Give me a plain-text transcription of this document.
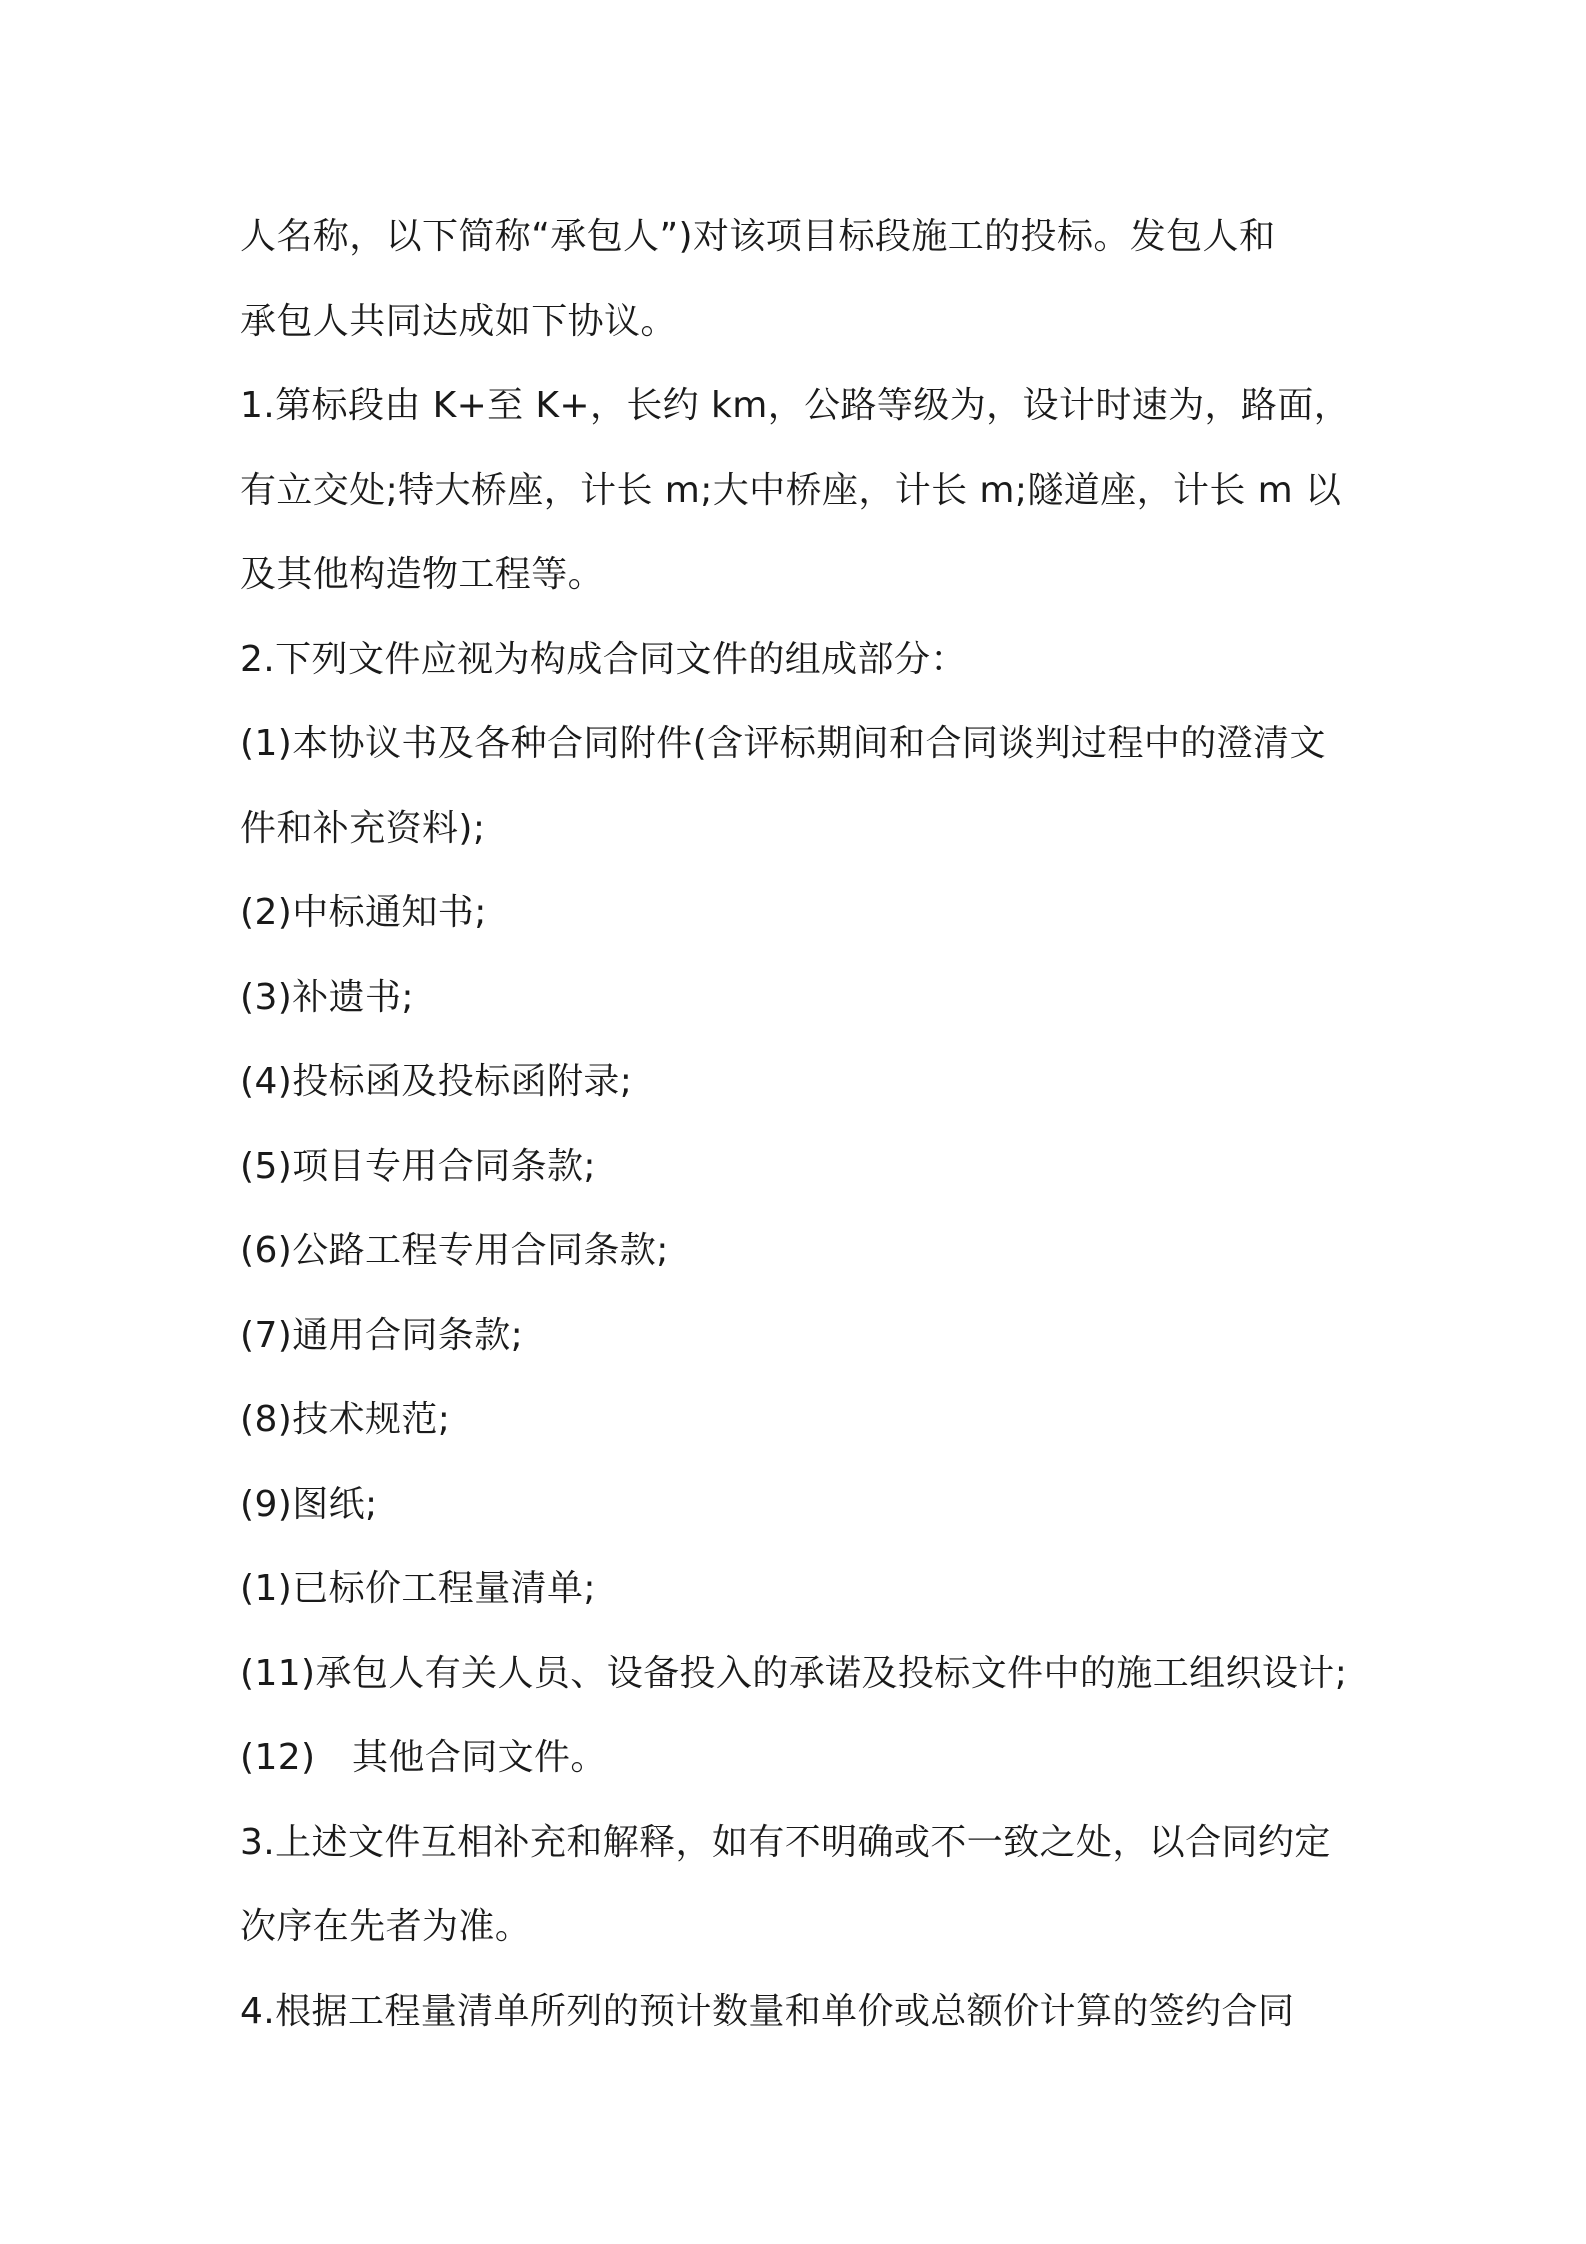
人名称，以下简称“承包人”)对该项目标段施工的投标。发包人和
承包人共同达成如下协议。
1.第标段由 K+至 K+，长约 km，公路等级为，设计时速为，路面，
有立交处;特大桥座，计长 m;大中桥座，计长 m;隧道座，计长 m 以
及其他构造物工程等。
2.下列文件应视为构成合同文件的组成部分：
(1)本协议书及各种合同附件(含评标期间和合同谈判过程中的澄清文
件和补充资料);
(2)中标通知书;
(3)补遗书;
(4)投标函及投标函附录;
(5)项目专用合同条款;
(6)公路工程专用合同条款;
(7)通用合同条款;
(8)技术规范;
(9)图纸;
(1)已标价工程量清单;
(11)承包人有关人员、设备投入的承诺及投标文件中的施工组织设计;
(12) 其他合同文件。
3.上述文件互相补充和解释，如有不明确或不一致之处，以合同约定
次序在先者为准。
4.根据工程量清单所列的预计数量和单价或总额价计算的签约合同
